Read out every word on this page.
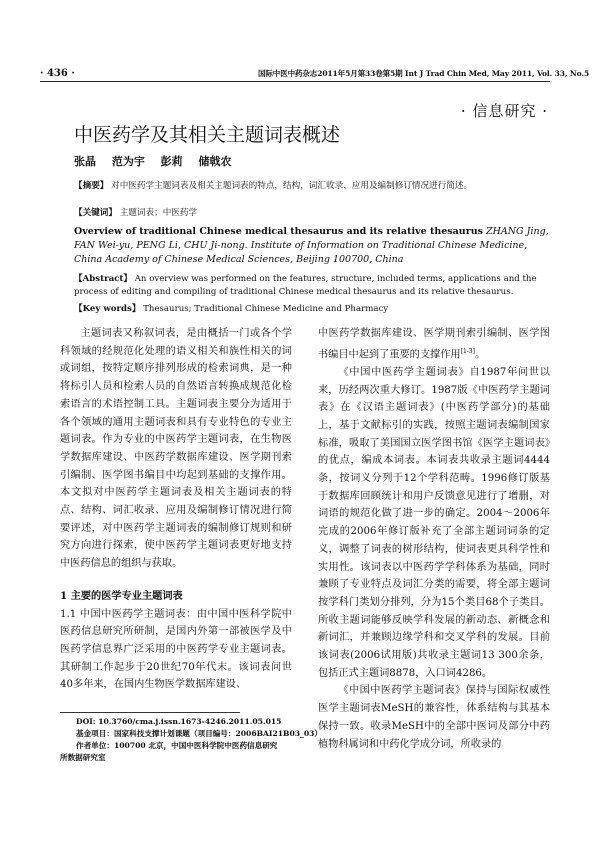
· 436 ·	国际中医中药杂志2011年5月第33卷第5期 Int J Trad Chin Med, May 2011, Vol. 33, No.5
· 信息研究 ·
中医药学及其相关主题词表概述
张晶 范为宇 彭莉 储戟农
【摘要】 对中医药学主题词表及相关主题词表的特点，结构，词汇收录、应用及编制修订情况进行简述。
【关键词】 主题词表；中医药学
Overview of traditional Chinese medical thesaurus and its relative thesaurus ZHANG Jing, FAN Wei-yu, PENG Li, CHU Ji-nong. Institute of Information on Traditional Chinese Medicine, China Academy of Chinese Medical Sciences, Beijing 100700, China
【Abstract】 An overview was performed on the features, structure, included terms, applications and the process of editing and compiling of traditional Chinese medical thesaurus and its relative thesaurus.
【Key words】 Thesaurus; Traditional Chinese Medicine and Pharmacy

主题词表又称叙词表，是由概括一门或各个学科领域的经规范化处理的语义相关和族性相关的词或词组，按特定顺序排列形成的检索词典，是一种将标引人员和检索人员的自然语言转换成规范化检索语言的术语控制工具。主题词表主要分为适用于各个领域的通用主题词表和具有专业特色的专业主题词表。作为专业的中医药学主题词表，在生物医学数据库建设、中医药学数据库建设、医学期刊索引编制、医学图书编目中均起到基础的支撑作用。本文拟对中医药学主题词表及相关主题词表的特点、结构、词汇收录、应用及编制修订情况进行简要评述，对中医药学主题词表的编制修订规则和研究方向进行探索，使中医药学主题词表更好地支持中医药信息的组织与获取。

1 主要的医学专业主题词表

1.1 中国中医药学主题词表：由中国中医科学院中医药信息研究所研制，是国内外第一部被医学及中医药学信息界广泛采用的中医药学专业主题词表。其研制工作起步于20世纪70年代末。该词表问世40多年来，在国内生物医学数据库建设、

中医药学数据库建设、医学期刊索引编制、医学图书编目中起到了重要的支撑作用[1-3]。

《中国中医药学主题词表》自1987年问世以来，历经两次重大修订。1987版《中医药学主题词表》在《汉语主题词表》(中医药学部分)的基础上，基于文献标引的实践，按照主题词表编制国家标准，吸取了美国国立医学图书馆《医学主题词表》的优点，编成本词表。本词表共收录主题词4444条，按词义分列于12个学科范畴。1996修订版基于数据库回顾统计和用户反馈意见进行了增删，对词语的规范化做了进一步的确定。2004～2006年完成的2006年修订版补充了全部主题词词条的定义，调整了词表的树形结构，使词表更具科学性和实用性。该词表以中医药学学科体系为基础，同时兼顾了专业特点及词汇分类的需要，将全部主题词按学科门类划分排列，分为15个类目68个子类目。所收主题词能够反映学科发展的新动态、新概念和新词汇，并兼顾边缘学科和交叉学科的发展。目前该词表(2006试用版)共收录主题词13 300余条，包括正式主题词8878，入口词4286。

《中国中医药学主题词表》保持与国际权威性医学主题词表MeSH的兼容性，体系结构与其基本保持一致。收录MeSH中的全部中医词及部分中药植物科属词和中药化学成分词，所收录的

DOI: 10.3760/cma.j.issn.1673-4246.2011.05.015
基金项目：国家科技支撑计划课题（项目编号：2006BAI21B03_03）
作者单位：100700 北京，中国中医科学院中医药信息研究
所数据研究室
